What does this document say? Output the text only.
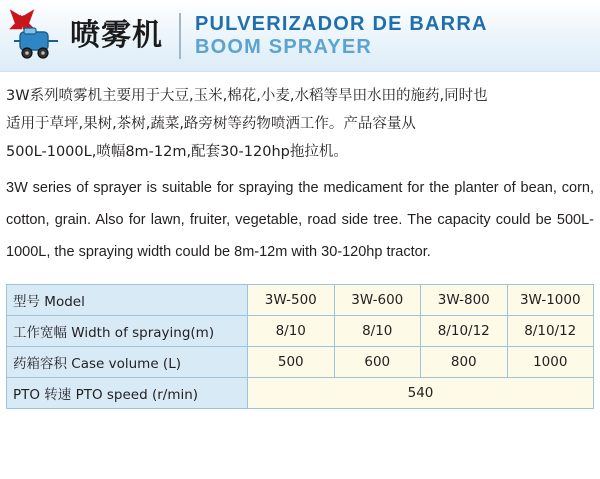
喷雾机 PULVERIZADOR DE BARRA
BOOM SPRAYER

3W系列喷雾机主要用于大豆,玉米,棉花,小麦,水稻等旱田水田的施药,同时也
适用于草坪,果树,茶树,蔬菜,路旁树等药物喷洒工作。产品容量从
500L-1000L,喷幅8m-12m,配套30-120hp拖拉机。

3W series of sprayer is suitable for spraying the medicament for the planter of bean, corn, cotton, grain. Also for lawn, fruiter, vegetable, road side tree. The capacity could be 500L-1000L, the spraying width could be 8m-12m with 30-120hp tractor.

型号 Model	3W-500	3W-600	3W-800	3W-1000
工作宽幅 Width of spraying(m)	8/10	8/10	8/10/12	8/10/12
药箱容积 Case volume (L)	500	600	800	1000
PTO 转速 PTO speed (r/min)	540			
